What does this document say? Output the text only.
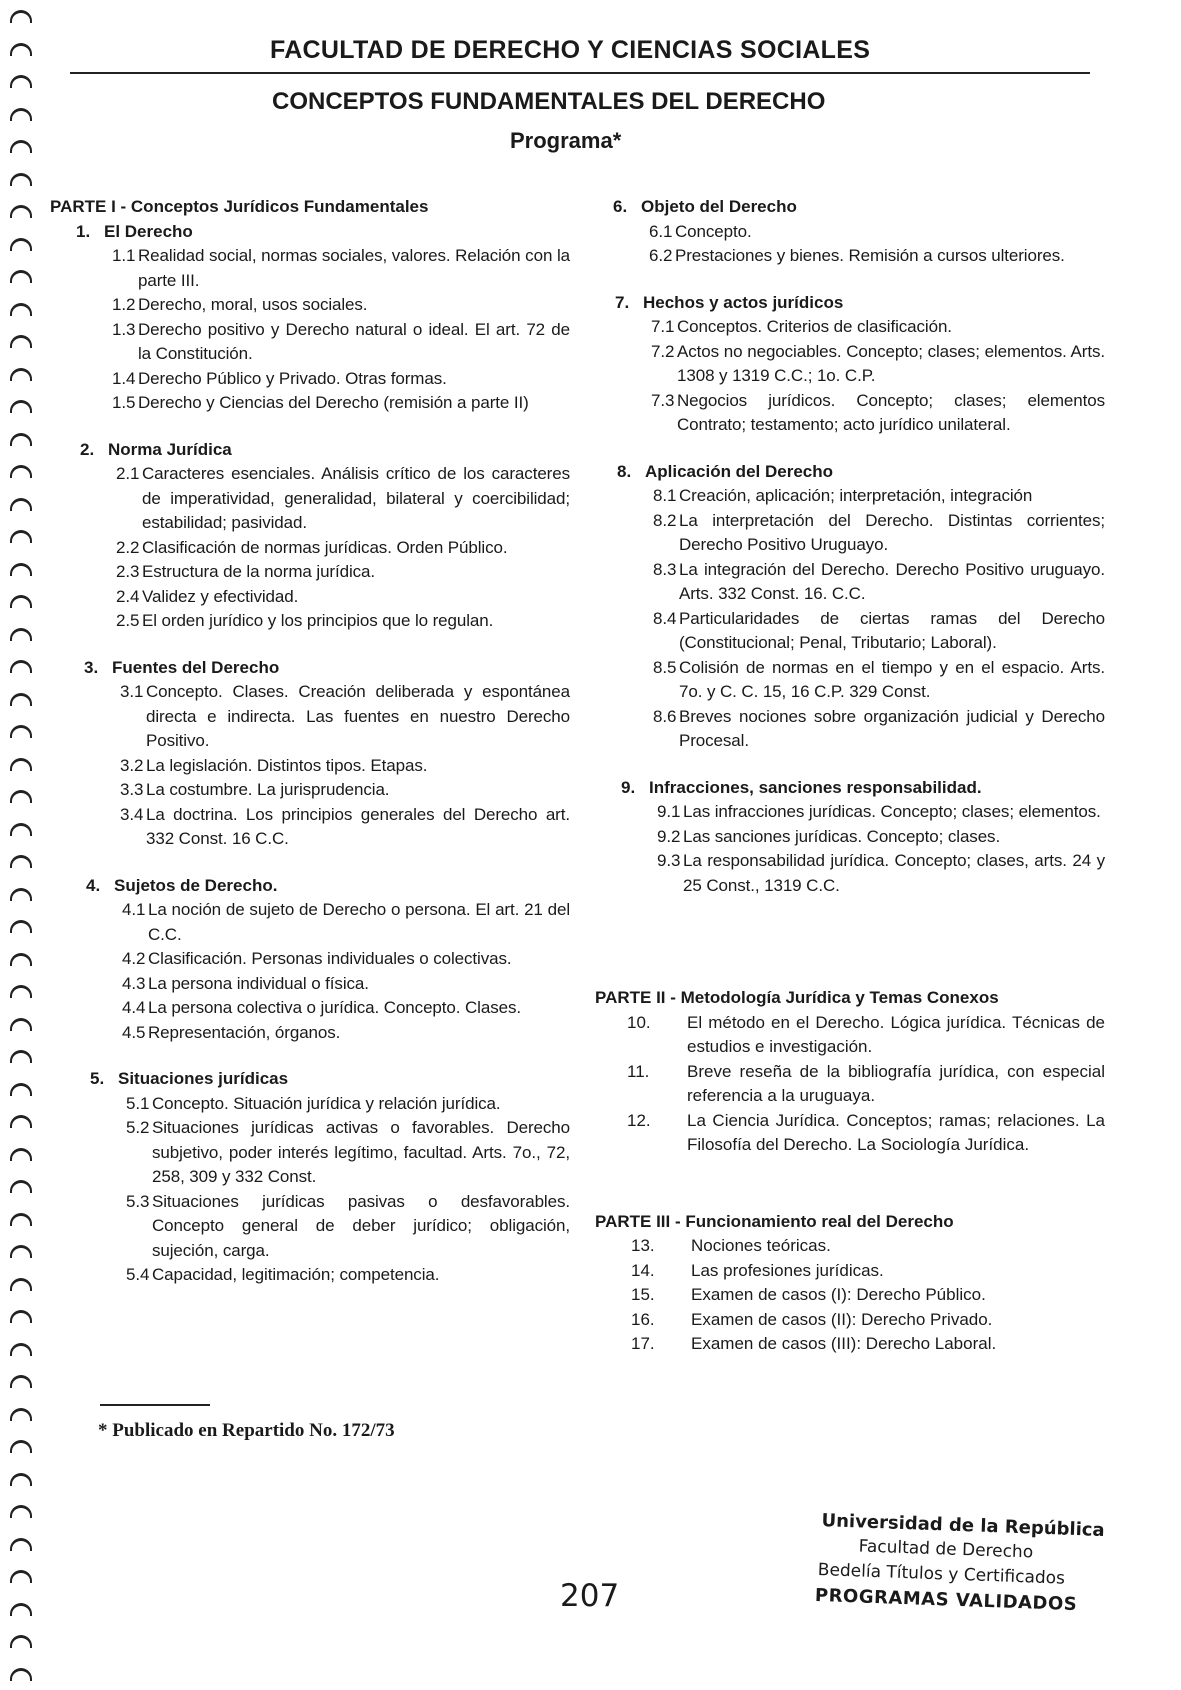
FACULTAD DE DERECHO Y CIENCIAS SOCIALES
CONCEPTOS FUNDAMENTALES DEL DERECHO
Programa*
PARTE I - Conceptos Jurídicos Fundamentales
1. El Derecho
1.1 Realidad social, normas sociales, valores. Relación con la parte III.
1.2 Derecho, moral, usos sociales.
1.3 Derecho positivo y Derecho natural o ideal. El art. 72 de la Constitución.
1.4 Derecho Público y Privado. Otras formas.
1.5 Derecho y Ciencias del Derecho (remisión a parte II)
2. Norma Jurídica
2.1 Caracteres esenciales. Análisis crítico de los caracteres de imperatividad, generalidad, bilateral y coercibilidad; estabilidad; pasividad.
2.2 Clasificación de normas jurídicas. Orden Público.
2.3 Estructura de la norma jurídica.
2.4 Validez y efectividad.
2.5 El orden jurídico y los principios que lo regulan.
3. Fuentes del Derecho
3.1 Concepto. Clases. Creación deliberada y espontánea directa e indirecta. Las fuentes en nuestro Derecho Positivo.
3.2 La legislación. Distintos tipos. Etapas.
3.3 La costumbre. La jurisprudencia.
3.4 La doctrina. Los principios generales del Derecho art. 332 Const. 16 C.C.
4. Sujetos de Derecho.
4.1 La noción de sujeto de Derecho o persona. El art. 21 del C.C.
4.2 Clasificación. Personas individuales o colectivas.
4.3 La persona individual o física.
4.4 La persona colectiva o jurídica. Concepto. Clases.
4.5 Representación, órganos.
5. Situaciones jurídicas
5.1 Concepto. Situación jurídica y relación jurídica.
5.2 Situaciones jurídicas activas o favorables. Derecho subjetivo, poder interés legítimo, facultad. Arts. 7o., 72, 258, 309 y 332 Const.
5.3 Situaciones jurídicas pasivas o desfavorables. Concepto general de deber jurídico; obligación, sujeción, carga.
5.4 Capacidad, legitimación; competencia.
6. Objeto del Derecho
6.1 Concepto.
6.2 Prestaciones y bienes. Remisión a cursos ulteriores.
7. Hechos y actos jurídicos
7.1 Conceptos. Criterios de clasificación.
7.2 Actos no negociables. Concepto; clases; elementos. Arts. 1308 y 1319 C.C.; 1o. C.P.
7.3 Negocios jurídicos. Concepto; clases; elementos Contrato; testamento; acto jurídico unilateral.
8. Aplicación del Derecho
8.1 Creación, aplicación; interpretación, integración
8.2 La interpretación del Derecho. Distintas corrientes; Derecho Positivo Uruguayo.
8.3 La integración del Derecho. Derecho Positivo uruguayo. Arts. 332 Const. 16. C.C.
8.4 Particularidades de ciertas ramas del Derecho (Constitucional; Penal, Tributario; Laboral).
8.5 Colisión de normas en el tiempo y en el espacio. Arts. 7o. y C. C. 15, 16 C.P. 329 Const.
8.6 Breves nociones sobre organización judicial y Derecho Procesal.
9. Infracciones, sanciones responsabilidad.
9.1 Las infracciones jurídicas. Concepto; clases; elementos.
9.2 Las sanciones jurídicas. Concepto; clases.
9.3 La responsabilidad jurídica. Concepto; clases, arts. 24 y 25 Const., 1319 C.C.
PARTE II - Metodología Jurídica y Temas Conexos
10. El método en el Derecho. Lógica jurídica. Técnicas de estudios e investigación.
11. Breve reseña de la bibliografía jurídica, con especial referencia a la uruguaya.
12. La Ciencia Jurídica. Conceptos; ramas; relaciones. La Filosofía del Derecho. La Sociología Jurídica.
PARTE III - Funcionamiento real del Derecho
13. Nociones teóricas.
14. Las profesiones jurídicas.
15. Examen de casos (I): Derecho Público.
16. Examen de casos (II): Derecho Privado.
17. Examen de casos (III): Derecho Laboral.
* Publicado en Repartido No. 172/73
207
Universidad de la República
Facultad de Derecho
Bedelía Títulos y Certificados
PROGRAMAS VALIDADOS
